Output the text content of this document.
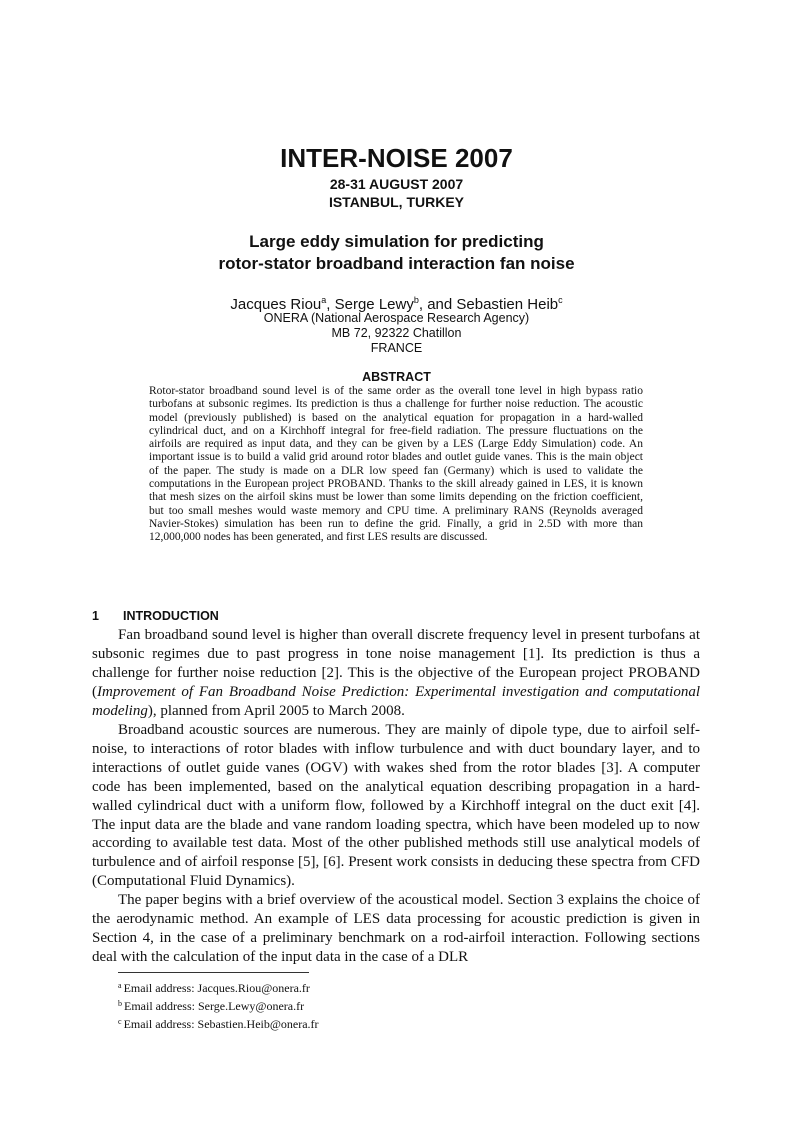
INTER-NOISE 2007
28-31 AUGUST 2007
ISTANBUL, TURKEY
Large eddy simulation for predicting
rotor-stator broadband interaction fan noise
Jacques Riou$^a$, Serge Lewy$^b$, and Sebastien Heib$^c$
ONERA (National Aerospace Research Agency)
MB 72, 92322 Chatillon
FRANCE
ABSTRACT

Rotor-stator broadband sound level is of the same order as the overall tone level in high bypass ratio turbofans at subsonic regimes. Its prediction is thus a challenge for further noise reduction. The acoustic model (previously published) is based on the analytical equation for propagation in a hard-walled cylindrical duct, and on a Kirchhoff integral for free-field radiation. The pressure fluctuations on the airfoils are required as input data, and they can be given by a LES (Large Eddy Simulation) code. An important issue is to build a valid grid around rotor blades and outlet guide vanes. This is the main object of the paper. The study is made on a DLR low speed fan (Germany) which is used to validate the computations in the European project PROBAND. Thanks to the skill already gained in LES, it is known that mesh sizes on the airfoil skins must be lower than some limits depending on the friction coefficient, but too small meshes would waste memory and CPU time. A preliminary RANS (Reynolds averaged Navier-Stokes) simulation has been run to define the grid. Finally, a grid in 2.5D with more than 12,000,000 nodes has been generated, and first LES results are discussed.

1 INTRODUCTION

Fan broadband sound level is higher than overall discrete frequency level in present turbofans at subsonic regimes due to past progress in tone noise management [1]. Its prediction is thus a challenge for further noise reduction [2]. This is the objective of the European project PROBAND (Improvement of Fan Broadband Noise Prediction: Experimental investigation and computational modeling), planned from April 2005 to March 2008.

Broadband acoustic sources are numerous. They are mainly of dipole type, due to airfoil self-noise, to interactions of rotor blades with inflow turbulence and with duct boundary layer, and to interactions of outlet guide vanes (OGV) with wakes shed from the rotor blades [3]. A computer code has been implemented, based on the analytical equation describing propagation in a hard-walled cylindrical duct with a uniform flow, followed by a Kirchhoff integral on the duct exit [4]. The input data are the blade and vane random loading spectra, which have been modeled up to now according to available test data. Most of the other published methods still use analytical models of turbulence and of airfoil response [5], [6]. Present work consists in deducing these spectra from CFD (Computational Fluid Dynamics).

The paper begins with a brief overview of the acoustical model. Section 3 explains the choice of the aerodynamic method. An example of LES data processing for acoustic prediction is given in Section 4, in the case of a preliminary benchmark on a rod-airfoil interaction. Following sections deal with the calculation of the input data in the case of a DLR

$^a$ Email address: Jacques.Riou@onera.fr
$^b$ Email address: Serge.Lewy@onera.fr
$^c$ Email address: Sebastien.Heib@onera.fr
